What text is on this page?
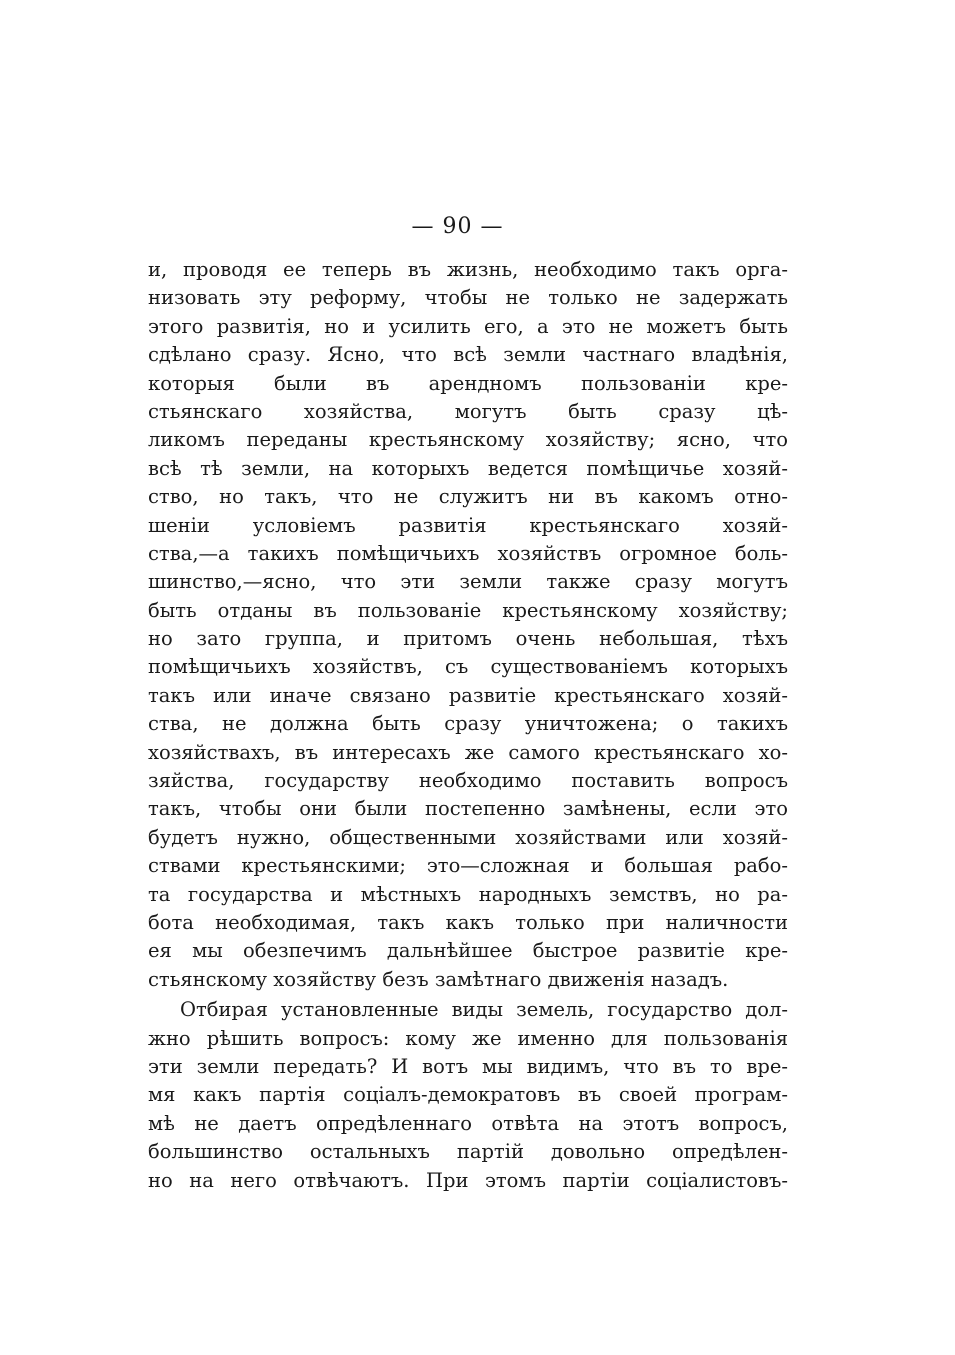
— 90 —
и, проводя ее теперь въ жизнь, необходимо такъ орга-
низовать эту реформу, чтобы не только не задержать
этого развитія, но и усилить его, а это не можетъ быть
сдѣлано сразу. Ясно, что всѣ земли частнаго владѣнія,
которыя были въ арендномъ пользованіи кре-
стьянскаго хозяйства, могутъ быть сразу цѣ-
ликомъ переданы крестьянскому хозяйству; ясно, что
всѣ тѣ земли, на которыхъ ведется помѣщичье хозяй-
ство, но такъ, что не служитъ ни въ какомъ отно-
шеніи условіемъ развитія крестьянскаго хозяй-
ства,—а такихъ помѣщичьихъ хозяйствъ огромное боль-
шинство,—ясно, что эти земли также сразу могутъ
быть отданы въ пользованіе крестьянскому хозяйству;
но зато группа, и притомъ очень небольшая, тѣхъ
помѣщичьихъ хозяйствъ, съ существованіемъ которыхъ
такъ или иначе связано развитіе крестьянскаго хозяй-
ства, не должна быть сразу уничтожена; о такихъ
хозяйствахъ, въ интересахъ же самого крестьянскаго хо-
зяйства, государству необходимо поставить вопросъ
такъ, чтобы они были постепенно замѣнены, если это
будетъ нужно, общественными хозяйствами или хозяй-
ствами крестьянскими; это—сложная и большая рабо-
та государства и мѣстныхъ народныхъ земствъ, но ра-
бота необходимая, такъ какъ только при наличности
ея мы обезпечимъ дальнѣйшее быстрое развитіе кре-
стьянскому хозяйству безъ замѣтнаго движенія назадъ.
Отбирая установленные виды земель, государство дол-
жно рѣшить вопросъ: кому же именно для пользованія
эти земли передать? И вотъ мы видимъ, что въ то вре-
мя какъ партія соціалъ-демократовъ въ своей програм-
мѣ не даетъ опредѣленнаго отвѣта на этотъ вопросъ,
большинство остальныхъ партій довольно опредѣлен-
но на него отвѣчаютъ. При этомъ партіи соціалистовъ-
